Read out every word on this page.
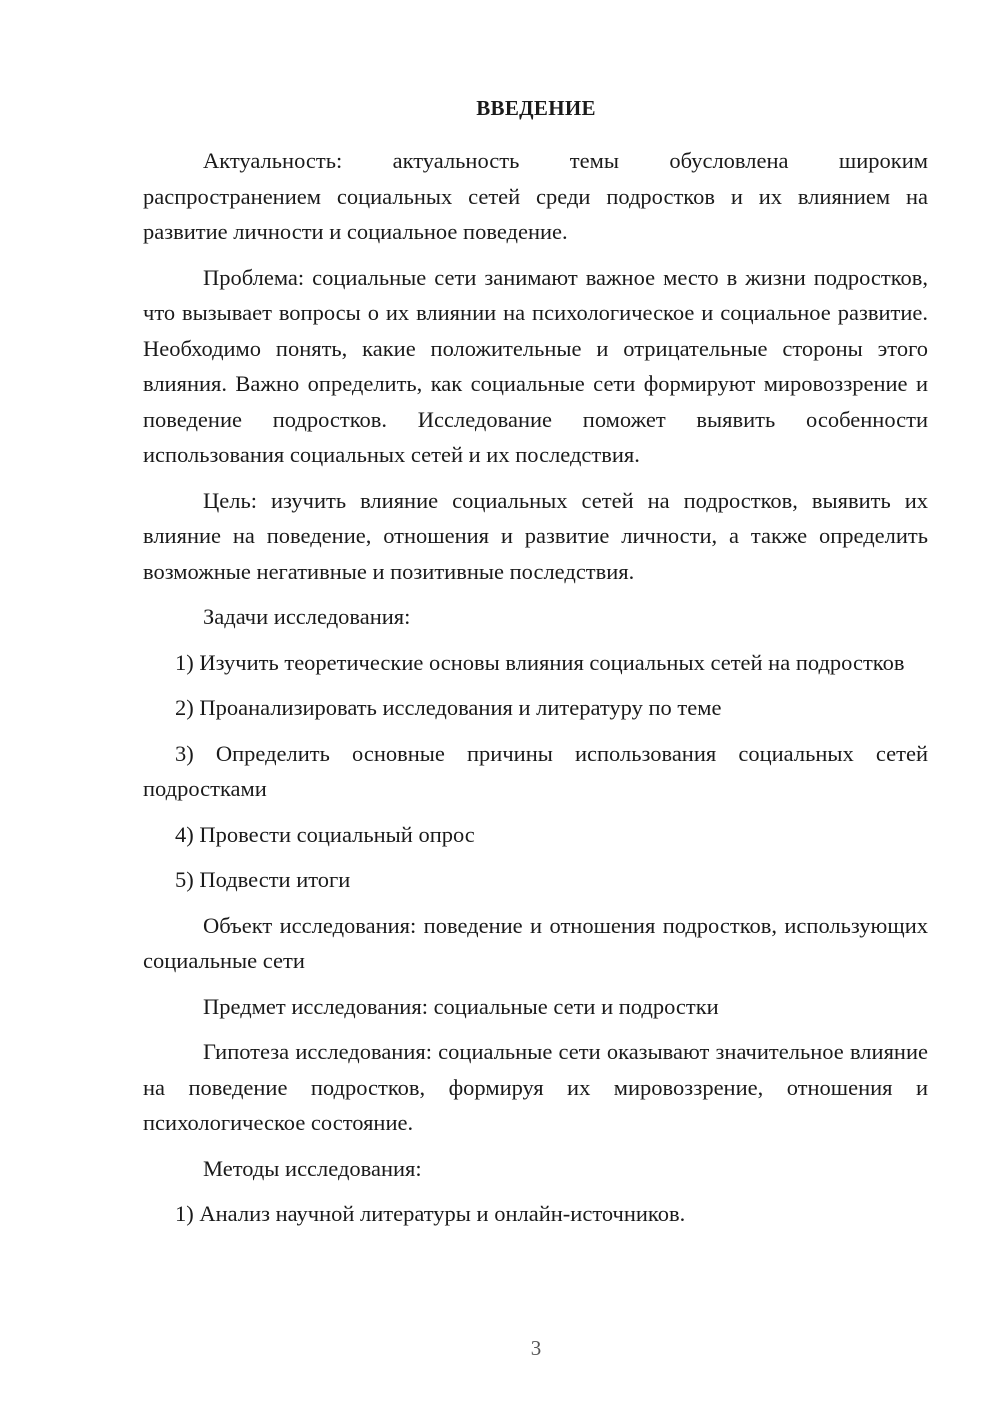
ВВЕДЕНИЕ

Актуальность: актуальность темы обусловлена широким распространением социальных сетей среди подростков и их влиянием на развитие личности и социальное поведение.

Проблема: социальные сети занимают важное место в жизни подростков, что вызывает вопросы о их влиянии на психологическое и социальное развитие. Необходимо понять, какие положительные и отрицательные стороны этого влияния. Важно определить, как социальные сети формируют мировоззрение и поведение подростков. Исследование поможет выявить особенности использования социальных сетей и их последствия.

Цель: изучить влияние социальных сетей на подростков, выявить их влияние на поведение, отношения и развитие личности, а также определить возможные негативные и позитивные последствия.

Задачи исследования:

1) Изучить теоретические основы влияния социальных сетей на подростков

2) Проанализировать исследования и литературу по теме

3) Определить основные причины использования социальных сетей подростками

4) Провести социальный опрос

5) Подвести итоги

Объект исследования: поведение и отношения подростков, использующих социальные сети

Предмет исследования: социальные сети и подростки

Гипотеза исследования: социальные сети оказывают значительное влияние на поведение подростков, формируя их мировоззрение, отношения и психологическое состояние.

Методы исследования:

1) Анализ научной литературы и онлайн-источников.

3
